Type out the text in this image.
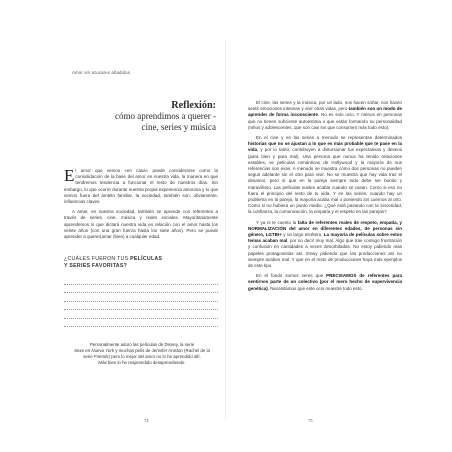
Amor sin azucares añadidos
Reflexión:
cómo aprendimos a querer -
cine, series y música

El amor que vemos «en casa» puede considerarse como la consolidación de la base del amor en nuestra vida, la manera en que tendremos tendencia a funcionar el resto de nuestros días. Sin embargo, lo que ocurre durante nuestra propia experiencia amorosa y lo que vemos fuera del ámbito familiar, la sociedad, también son, obviamente, influencias claves.

A amar, en nuestra sociedad, también se aprende con referentes a través de series, cine, música y redes sociales. Mayoritariamente aprendemos lo que dictará nuestra vida en relación con el amor hasta los veinte años (con una gran fuerza hasta los siete años). Pero se puede aprender a querer(amar (bien) a cualquier edad.

¿CUÁLES FUERON TUS PELÍCULAS
Y SERIES FAVORITAS?
Personalmente adoro las películas de Disney, la serie
Sexo en Nueva York y muchas pelis de Jennifer Aniston (Rachel de la
serie Friends) pero lo mejor del amor no lo he aprendido allí.
Más bien lo he reaprendido desaprendiendo.
74

El cine, las series y la música, por un lado, nos hacen soñar, nos hacen sentir emociones intensas y vivir otras vidas, pero también son un modo de aprender de forma inconsciente. No es solo ocio. Y menos en personas que no tienen suficiente autoestima o que están formando su personalidad (niños y adolescentes, que son casi los que consumen más todo esto).

En el cine y en las series a menudo se representan determinados historias que no se ajustan a lo que es más probable que te pase en la vida, y por lo tanto, contribuyen a distorsionar tus expectativas y deseos (para bien y para mal). Una persona que nunca ha tenido relaciones estables, ve películas románticas de Hollywood y la mayoría de sus referencias son esas. A menudo se muestra cómo dos personas no pueden seguir adelante sin el otro para vivir. No se muestra que hay vida tras el desamor, pero sí que en la pareja siempre todo debe ser bonito y maravilloso. Las películas suelen acabar cuando se casan. Como si eso no fuera el principio del resto de tu vida. Y en las series, cuando hay un problema en la pareja, la mayoría acaba mal o poniendo los cuernos al otro. Como si no hubiera un punto medio. ¿Qué está pasando con la sinceridad, la confianza, la comunicación, la empatía y el respeto en las parejas?

Y ya ni te cuento la falta de referentes reales de respeto, empatía, y NORMALIZACIÓN del amor en diferentes edades, de personas sin género, LGTBI+ y un largo etcétera. La mayoría de películas sobre estos temas acaban mal, por no decir muy mal. Algo que trae consigo frustración y confusión en cantidades a veces desorbitadas. No estoy pidiendo más papeles protagonistas así. Estoy pidiendo que las producciones así no siempre acaben mal. Y que en el resto de producciones haya más ejemplos de este tipo.

En el fondo somos seres que PRECISAMOS de referentes para sentirnos parte de un colectivo (por el mero hecho de supervivencia genética). Necesitamos que este ocio muestre todo esto.

75
